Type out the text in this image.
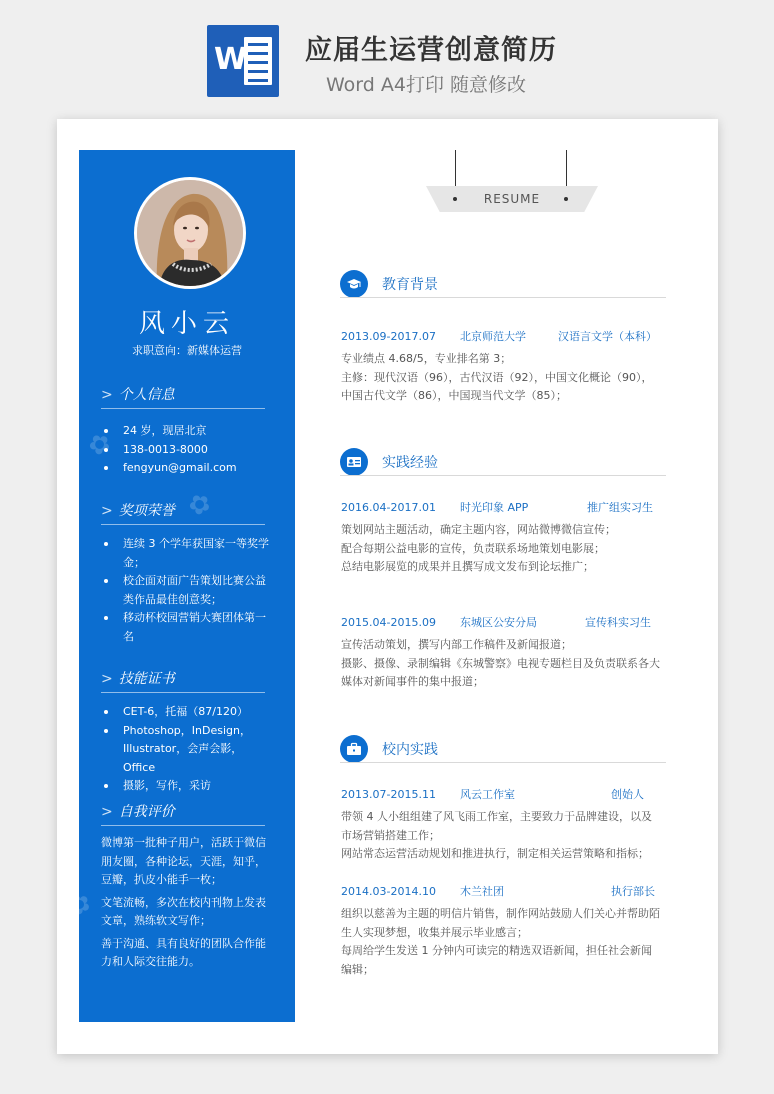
W 应届生运营创意简历
Word A4打印 随意修改
✿
✿
✿
风小云
求职意向：新媒体运营
> 个人信息
24 岁，现居北京
138-0013-8000
fengyun@gmail.com
> 奖项荣誉
连续 3 个学年获国家一等奖学金；
校企面对面广告策划比赛公益类作品最佳创意奖；
移动杯校园营销大赛团体第一名
> 技能证书
CET-6，托福（87/120）
Photoshop，InDesign，Illustrator，会声会影，Office
摄影，写作，采访
> 自我评价

微博第一批种子用户，活跃于微信朋友圈，各种论坛，天涯，知乎，豆瓣，扒皮小能手一枚；

文笔流畅，多次在校内刊物上发表文章，熟练软文写作；

善于沟通、具有良好的团队合作能力和人际交往能力。

RESUME
教育背景
2013.09-2017.07 北京师范大学	汉语言文学（本科）

专业绩点 4.68/5，专业排名第 3；

主修：现代汉语（96），古代汉语（92），中国文化概论（90），中国古代文学（86），中国现当代文学（85）；

实践经验
2016.04-2017.01 时光印象 APP	推广组实习生

策划网站主题活动，确定主题内容，网站微博微信宣传；

配合每期公益电影的宣传，负责联系场地策划电影展；

总结电影展览的成果并且撰写成文发布到论坛推广；

2015.04-2015.09 东城区公安分局	宣传科实习生

宣传活动策划，撰写内部工作稿件及新闻报道；

摄影、摄像、录制编辑《东城警察》电视专题栏目及负责联系各大媒体对新闻事件的集中报道；

校内实践
2013.07-2015.11 风云工作室	创始人

带领 4 人小组组建了风飞雨工作室，主要致力于品牌建设，以及市场营销搭建工作；

网站常态运营活动规划和推进执行，制定相关运营策略和指标；

2014.03-2014.10 木兰社团	执行部长

组织以慈善为主题的明信片销售，制作网站鼓励人们关心并帮助陌生人实现梦想，收集并展示毕业感言；

每周给学生发送 1 分钟内可读完的精选双语新闻，担任社会新闻编辑；
